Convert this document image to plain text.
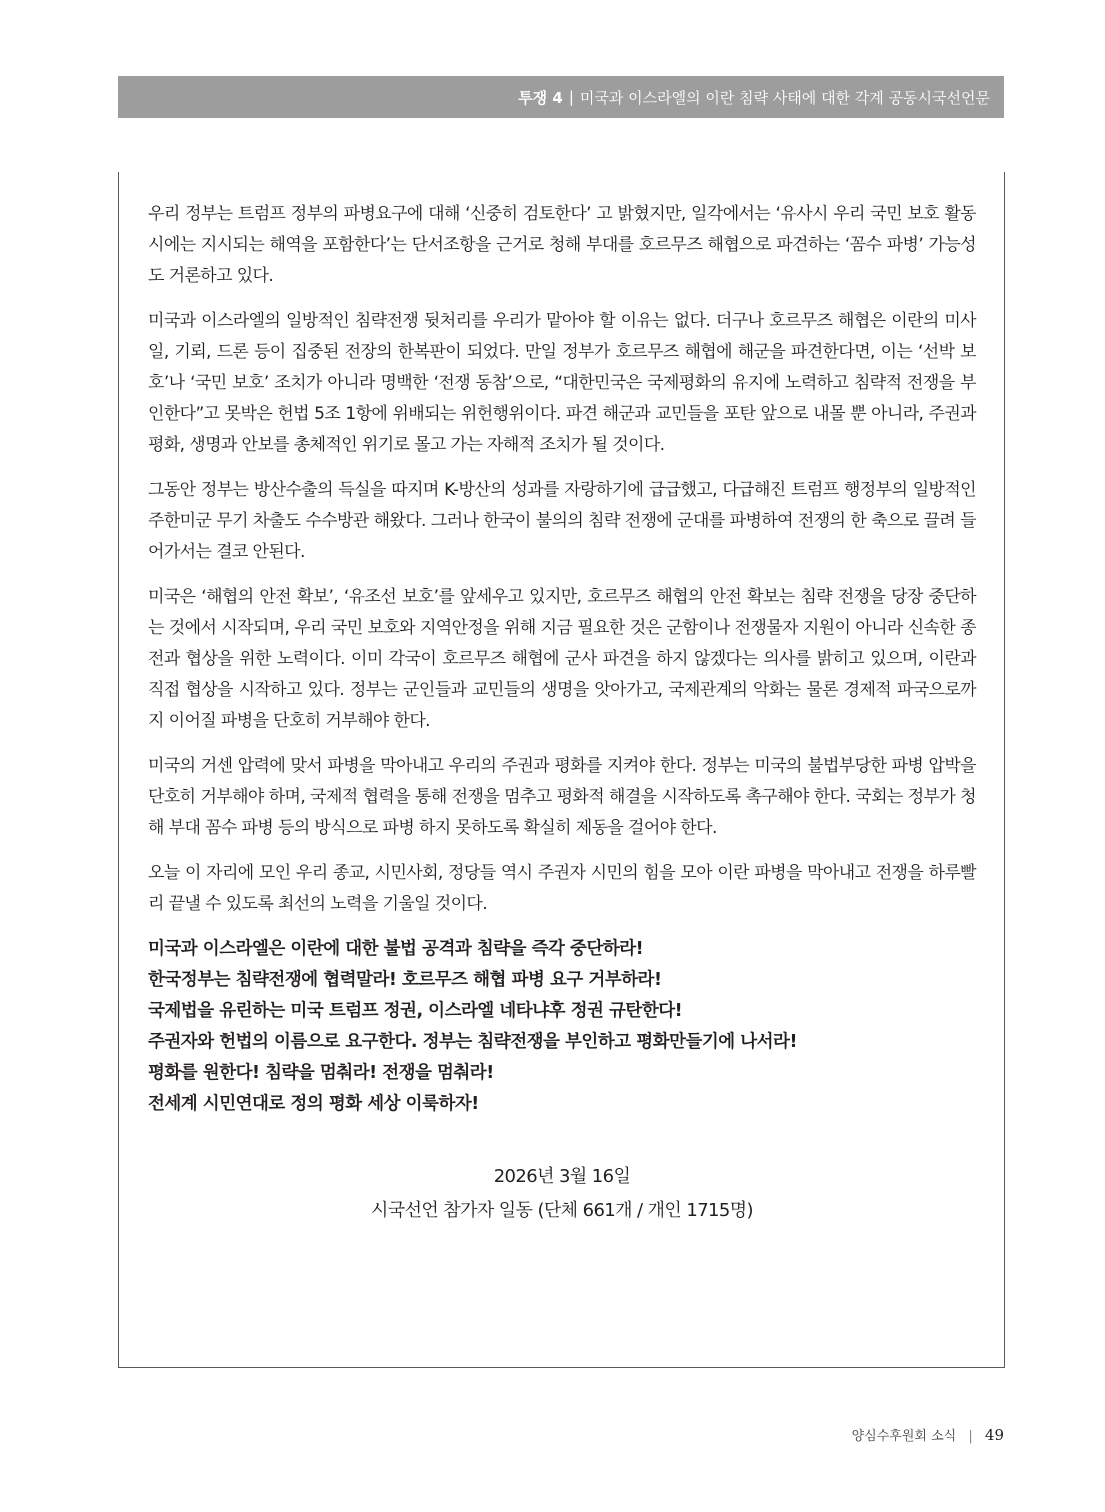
투쟁 4 | 미국과 이스라엘의 이란 침략 사태에 대한 각계 공동시국선언문

우리 정부는 트럼프 정부의 파병요구에 대해 ‘신중히 검토한다’ 고 밝혔지만, 일각에서는 ‘유사시 우리 국민 보호 활동 시에는 지시되는 해역을 포함한다’는 단서조항을 근거로 청해 부대를 호르무즈 해협으로 파견하는 ‘꼼수 파병’ 가능성도 거론하고 있다.

미국과 이스라엘의 일방적인 침략전쟁 뒷처리를 우리가 맡아야 할 이유는 없다. 더구나 호르무즈 해협은 이란의 미사일, 기뢰, 드론 등이 집중된 전장의 한복판이 되었다. 만일 정부가 호르무즈 해협에 해군을 파견한다면, 이는 ‘선박 보호’나 ‘국민 보호’ 조치가 아니라 명백한 ‘전쟁 동참’으로, “대한민국은 국제평화의 유지에 노력하고 침략적 전쟁을 부인한다”고 못박은 헌법 5조 1항에 위배되는 위헌행위이다. 파견 해군과 교민들을 포탄 앞으로 내몰 뿐 아니라, 주권과 평화, 생명과 안보를 총체적인 위기로 몰고 가는 자해적 조치가 될 것이다.

그동안 정부는 방산수출의 득실을 따지며 K-방산의 성과를 자랑하기에 급급했고, 다급해진 트럼프 행정부의 일방적인 주한미군 무기 차출도 수수방관 해왔다. 그러나 한국이 불의의 침략 전쟁에 군대를 파병하여 전쟁의 한 축으로 끌려 들어가서는 결코 안된다.

미국은 ‘해협의 안전 확보’, ‘유조선 보호’를 앞세우고 있지만, 호르무즈 해협의 안전 확보는 침략 전쟁을 당장 중단하는 것에서 시작되며, 우리 국민 보호와 지역안정을 위해 지금 필요한 것은 군함이나 전쟁물자 지원이 아니라 신속한 종전과 협상을 위한 노력이다. 이미 각국이 호르무즈 해협에 군사 파견을 하지 않겠다는 의사를 밝히고 있으며, 이란과 직접 협상을 시작하고 있다. 정부는 군인들과 교민들의 생명을 앗아가고, 국제관계의 악화는 물론 경제적 파국으로까지 이어질 파병을 단호히 거부해야 한다.

미국의 거센 압력에 맞서 파병을 막아내고 우리의 주권과 평화를 지켜야 한다. 정부는 미국의 불법부당한 파병 압박을 단호히 거부해야 하며, 국제적 협력을 통해 전쟁을 멈추고 평화적 해결을 시작하도록 촉구해야 한다. 국회는 정부가 청해 부대 꼼수 파병 등의 방식으로 파병 하지 못하도록 확실히 제동을 걸어야 한다.

오늘 이 자리에 모인 우리 종교, 시민사회, 정당들 역시 주권자 시민의 힘을 모아 이란 파병을 막아내고 전쟁을 하루빨리 끝낼 수 있도록 최선의 노력을 기울일 것이다.

미국과 이스라엘은 이란에 대한 불법 공격과 침략을 즉각 중단하라!
한국정부는 침략전쟁에 협력말라! 호르무즈 해협 파병 요구 거부하라!
국제법을 유린하는 미국 트럼프 정권, 이스라엘 네타냐후 정권 규탄한다!
주권자와 헌법의 이름으로 요구한다. 정부는 침략전쟁을 부인하고 평화만들기에 나서라!
평화를 원한다! 침략을 멈춰라! 전쟁을 멈춰라!
전세계 시민연대로 정의 평화 세상 이룩하자!
2026년 3월 16일
시국선언 참가자 일동 (단체 661개 / 개인 1715명)
양심수후원회 소식 | 49
